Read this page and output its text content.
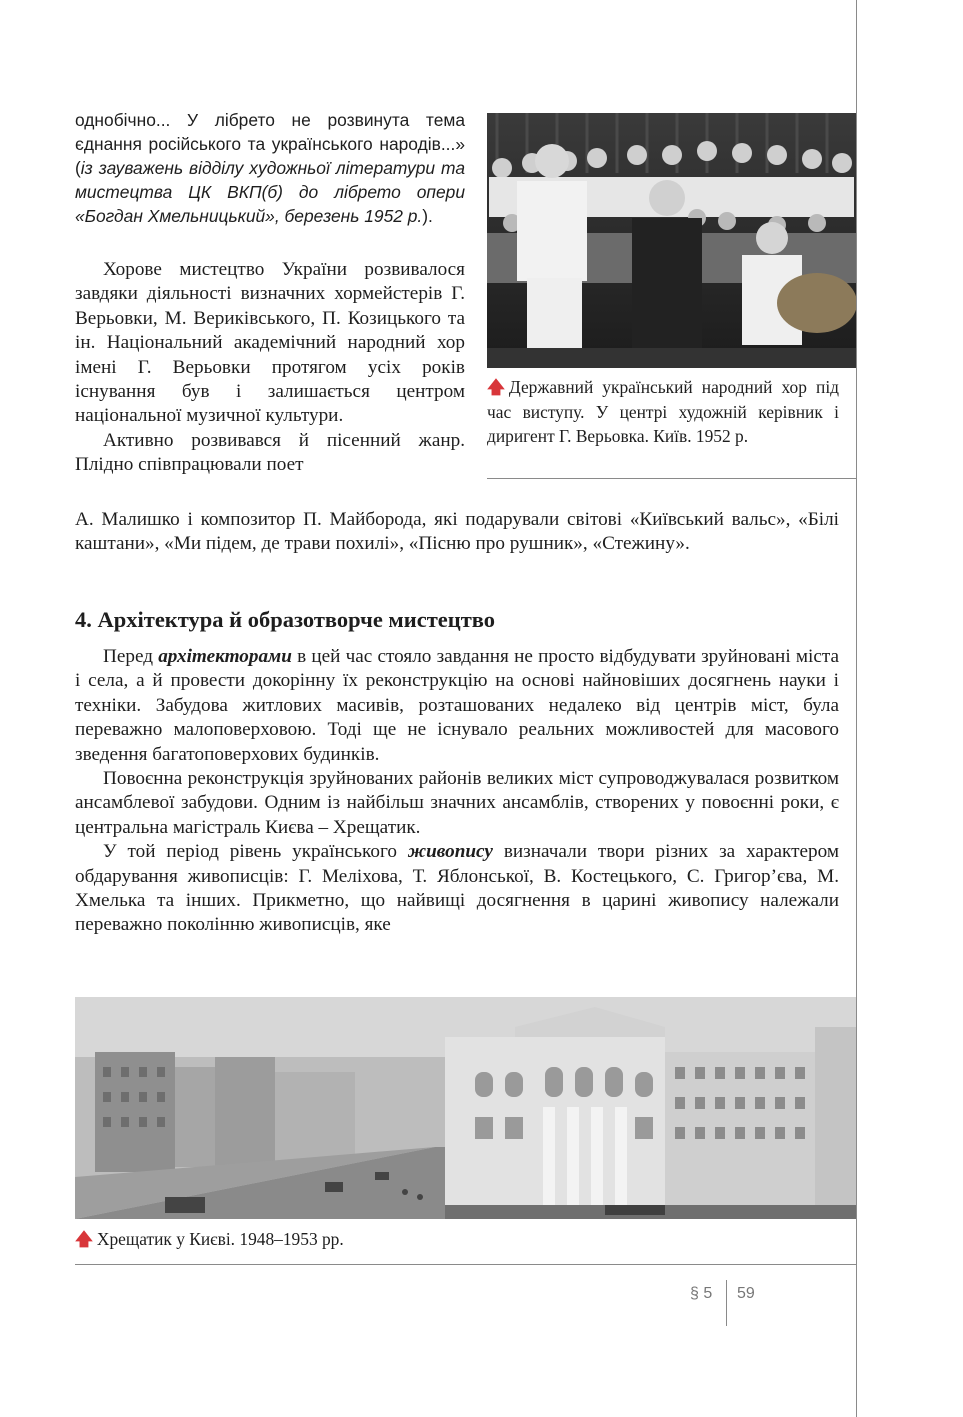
однобічно... У лібрето не розвинута тема єднання російського та українського народів...» (із зауважень відділу художньої літератури та мистецтва ЦК ВКП(б) до лібрето опери «Богдан Хмельницький», березень 1952 р.).

Хорове мистецтво України розвивалося завдяки діяльності визначних хормейстерів Г. Верьовки, М. Вериківського, П. Козицького та ін. Національний академічний народний хор імені Г. Верьовки протягом усіх років існування був і залишається центром національної музичної культури.

Активно розвивався й пісенний жанр. Плідно співпрацювали поет

🡅 Державний український народний хор під час виступу. У центрі художній керівник і диригент Г. Верьовка. Київ. 1952 р.

А. Малишко і композитор П. Майборода, які подарували світові «Київський вальс», «Білі каштани», «Ми підем, де трави похилі», «Пісню про рушник», «Стежину».

4. Архітектура й образотворче мистецтво

Перед архітекторами в цей час стояло завдання не просто відбудувати зруйновані міста і села, а й провести докорінну їх реконструкцію на основі найновіших досягнень науки і техніки. Забудова житлових масивів, розташованих недалеко від центрів міст, була переважно малоповерховою. Тоді ще не існувало реальних можливостей для масового зведення багатоповерхових будинків.

Повоєнна реконструкція зруйнованих районів великих міст супроводжувалася розвитком ансамблевої забудови. Одним із найбільш значних ансамблів, створених у повоєнні роки, є центральна магістраль Києва – Хрещатик.

У той період рівень українського живопису визначали твори різних за характером обдарування живописців: Г. Меліхова, Т. Яблонської, В. Костецького, С. Григор’єва, М. Хмелька та інших. Прикметно, що найвищі досягнення в царині живопису належали переважно поколінню живописців, яке

🡅 Хрещатик у Києві. 1948–1953 рр.

§ 5 59
